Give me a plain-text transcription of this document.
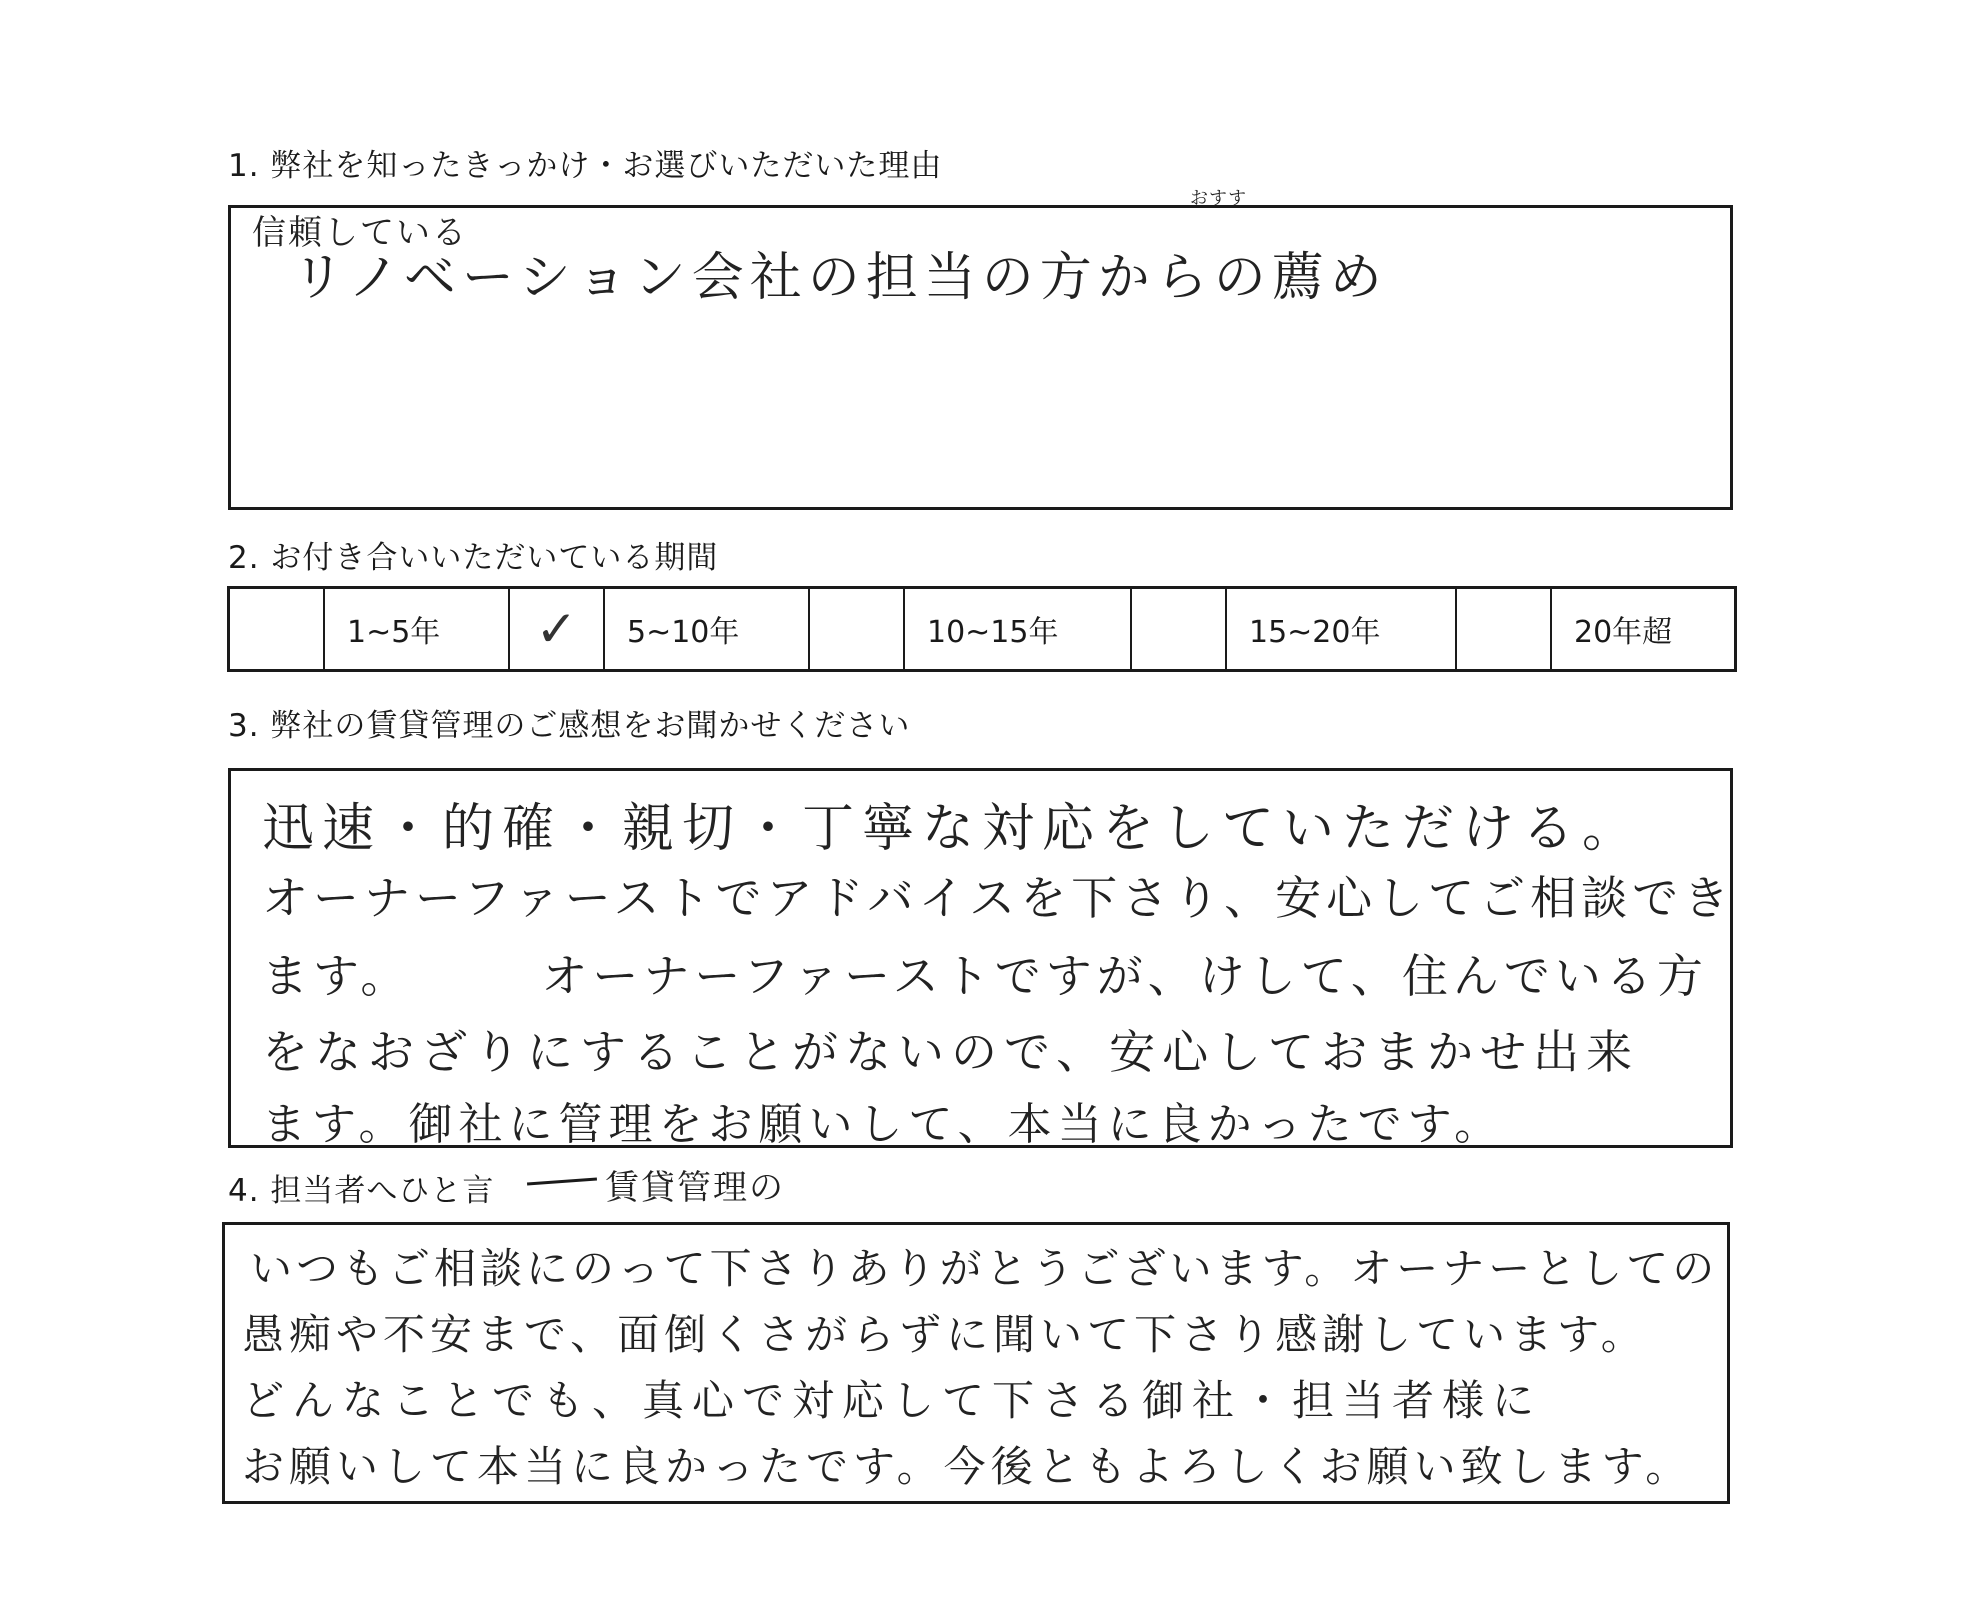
1. 弊社を知ったきっかけ・お選びいただいた理由
信頼している
おすす
リノベーション会社の担当の方からの薦め
2. お付き合いいただいている期間
1~5年	✓	5~10年	10~15年	15~20年	20年超
3. 弊社の賃貸管理のご感想をお聞かせください
迅速・的確・親切・丁寧な対応をしていただける。
オーナーファーストでアドバイスを下さり、安心してご相談でき
ます。　　　オーナーファーストですが、けして、住んでいる方
をなおざりにすることがないので、安心しておまかせ出来
ます。御社に管理をお願いして、本当に良かったです。
4. 担当者へひと言	賃貸管理の
いつもご相談にのって下さりありがとうございます。オーナーとしての
愚痴や不安まで、面倒くさがらずに聞いて下さり感謝しています。
どんなことでも、真心で対応して下さる御社・担当者様に
お願いして本当に良かったです。今後ともよろしくお願い致します。
